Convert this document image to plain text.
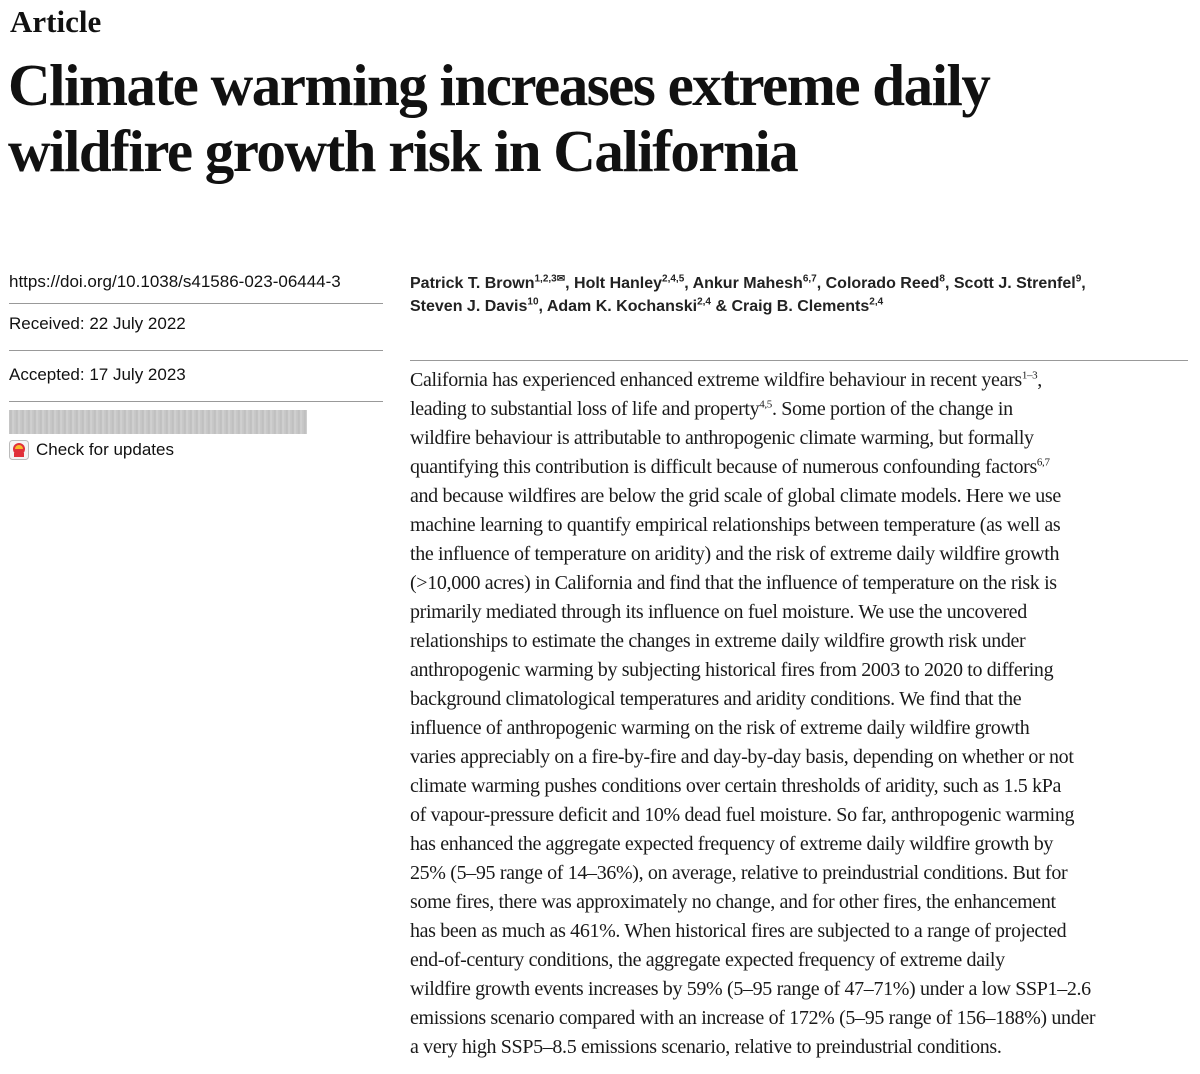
Article
Climate warming increases extreme daily
wildfire growth risk in California
https://doi.org/10.1038/s41586-023-06444-3
Received: 22 July 2022
Accepted: 17 July 2023
Check for updates
Patrick T. Brown$^{1,2,3✉}$, Holt Hanley$^{2,4,5}$, Ankur Mahesh$^{6,7}$, Colorado Reed$^8$, Scott J. Strenfel$^9$,
Steven J. Davis$^{10}$, Adam K. Kochanski$^{2,4}$ & Craig B. Clements$^{2,4}$
California has experienced enhanced extreme wildfire behaviour in recent years$^{1-3}$,
leading to substantial loss of life and property$^{4,5}$. Some portion of the change in
wildfire behaviour is attributable to anthropogenic climate warming, but formally
quantifying this contribution is difficult because of numerous confounding factors$^{6,7}$
and because wildfires are below the grid scale of global climate models. Here we use
machine learning to quantify empirical relationships between temperature (as well as
the influence of temperature on aridity) and the risk of extreme daily wildfire growth
(>10,000 acres) in California and find that the influence of temperature on the risk is
primarily mediated through its influence on fuel moisture. We use the uncovered
relationships to estimate the changes in extreme daily wildfire growth risk under
anthropogenic warming by subjecting historical fires from 2003 to 2020 to differing
background climatological temperatures and aridity conditions. We find that the
influence of anthropogenic warming on the risk of extreme daily wildfire growth
varies appreciably on a fire-by-fire and day-by-day basis, depending on whether or not
climate warming pushes conditions over certain thresholds of aridity, such as 1.5 kPa
of vapour-pressure deficit and 10% dead fuel moisture. So far, anthropogenic warming
has enhanced the aggregate expected frequency of extreme daily wildfire growth by
25% (5–95 range of 14–36%), on average, relative to preindustrial conditions. But for
some fires, there was approximately no change, and for other fires, the enhancement
has been as much as 461%. When historical fires are subjected to a range of projected
end-of-century conditions, the aggregate expected frequency of extreme daily
wildfire growth events increases by 59% (5–95 range of 47–71%) under a low SSP1–2.6
emissions scenario compared with an increase of 172% (5–95 range of 156–188%) under
a very high SSP5–8.5 emissions scenario, relative to preindustrial conditions.
